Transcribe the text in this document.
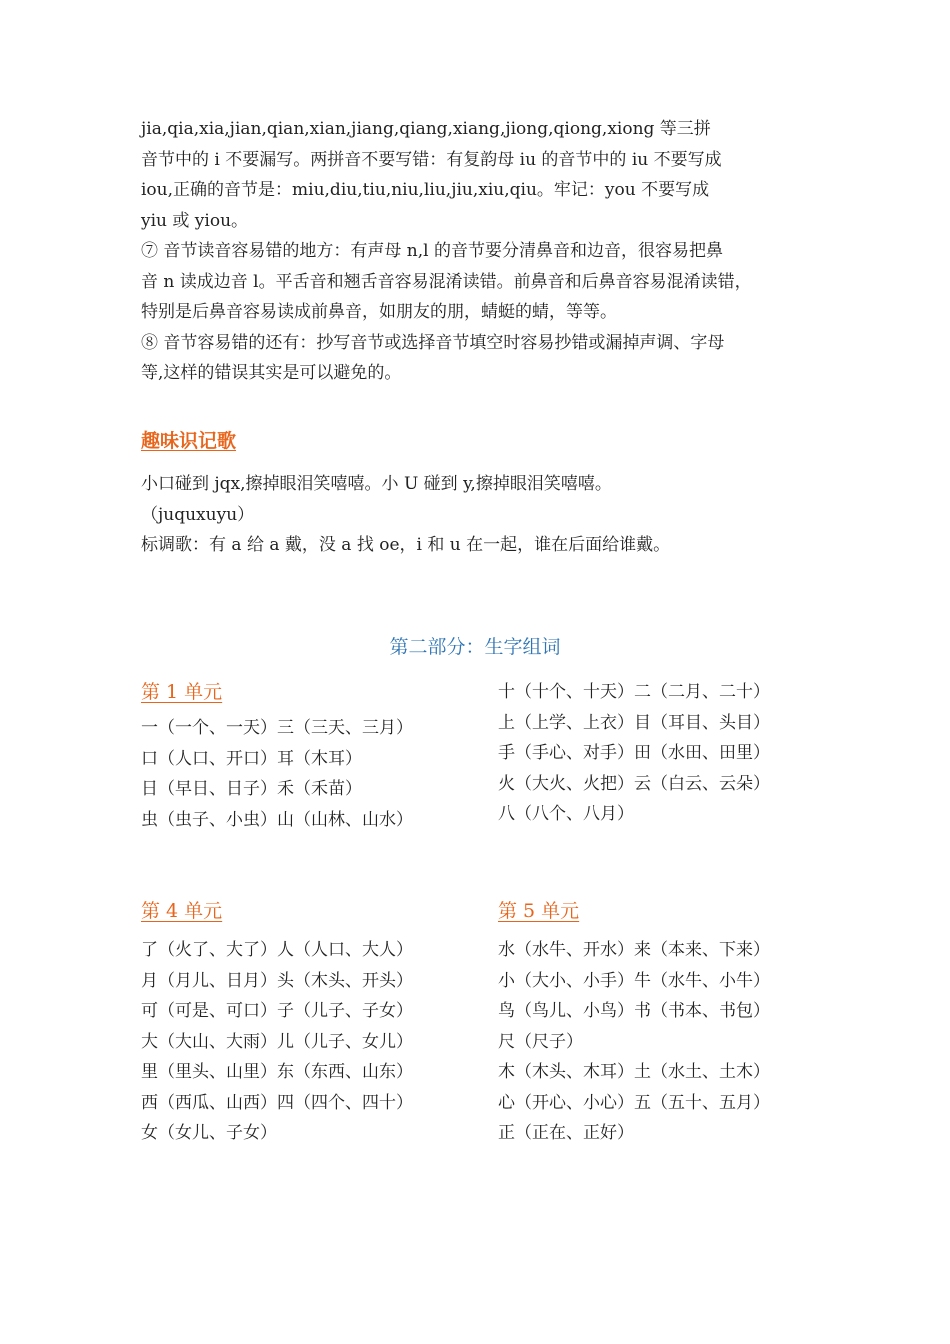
jia,qia,xia,jian,qian,xian,jiang,qiang,xiang,jiong,qiong,xiong 等三拼
音节中的 i 不要漏写。两拼音不要写错：有复韵母 iu 的音节中的 iu 不要写成
iou,正确的音节是：miu,diu,tiu,niu,liu,jiu,xiu,qiu。牢记：you 不要写成
yiu 或 yiou。
⑦ 音节读音容易错的地方：有声母 n,l 的音节要分清鼻音和边音，很容易把鼻
音 n 读成边音 l。平舌音和翘舌音容易混淆读错。前鼻音和后鼻音容易混淆读错，
特别是后鼻音容易读成前鼻音，如朋友的朋，蜻蜓的蜻，等等。
⑧ 音节容易错的还有：抄写音节或选择音节填空时容易抄错或漏掉声调、字母
等,这样的错误其实是可以避免的。
趣味识记歌
小口碰到 jqx,擦掉眼泪笑嘻嘻。小 U 碰到 y,擦掉眼泪笑嘻嘻。
（juquxuyu）
标调歌：有 a 给 a 戴，没 a 找 oe，i 和 u 在一起，谁在后面给谁戴。
第二部分：生字组词
第 1 单元
一（一个、一天）三（三天、三月）
口（人口、开口）耳（木耳）
日（早日、日子）禾（禾苗）
虫（虫子、小虫）山（山林、山水）
十（十个、十天）二（二月、二十）
上（上学、上衣）目（耳目、头目）
手（手心、对手）田（水田、田里）
火（大火、火把）云（白云、云朵）
八（八个、八月）
第 4 单元
了（火了、大了）人（人口、大人）
月（月儿、日月）头（木头、开头）
可（可是、可口）子（儿子、子女）
大（大山、大雨）儿（儿子、女儿）
里（里头、山里）东（东西、山东）
西（西瓜、山西）四（四个、四十）
女（女儿、子女）
第 5 单元
水（水牛、开水）来（本来、下来）
小（大小、小手）牛（水牛、小牛）
鸟（鸟儿、小鸟）书（书本、书包）
尺（尺子）
木（木头、木耳）土（水土、土木）
心（开心、小心）五（五十、五月）
正（正在、正好）
